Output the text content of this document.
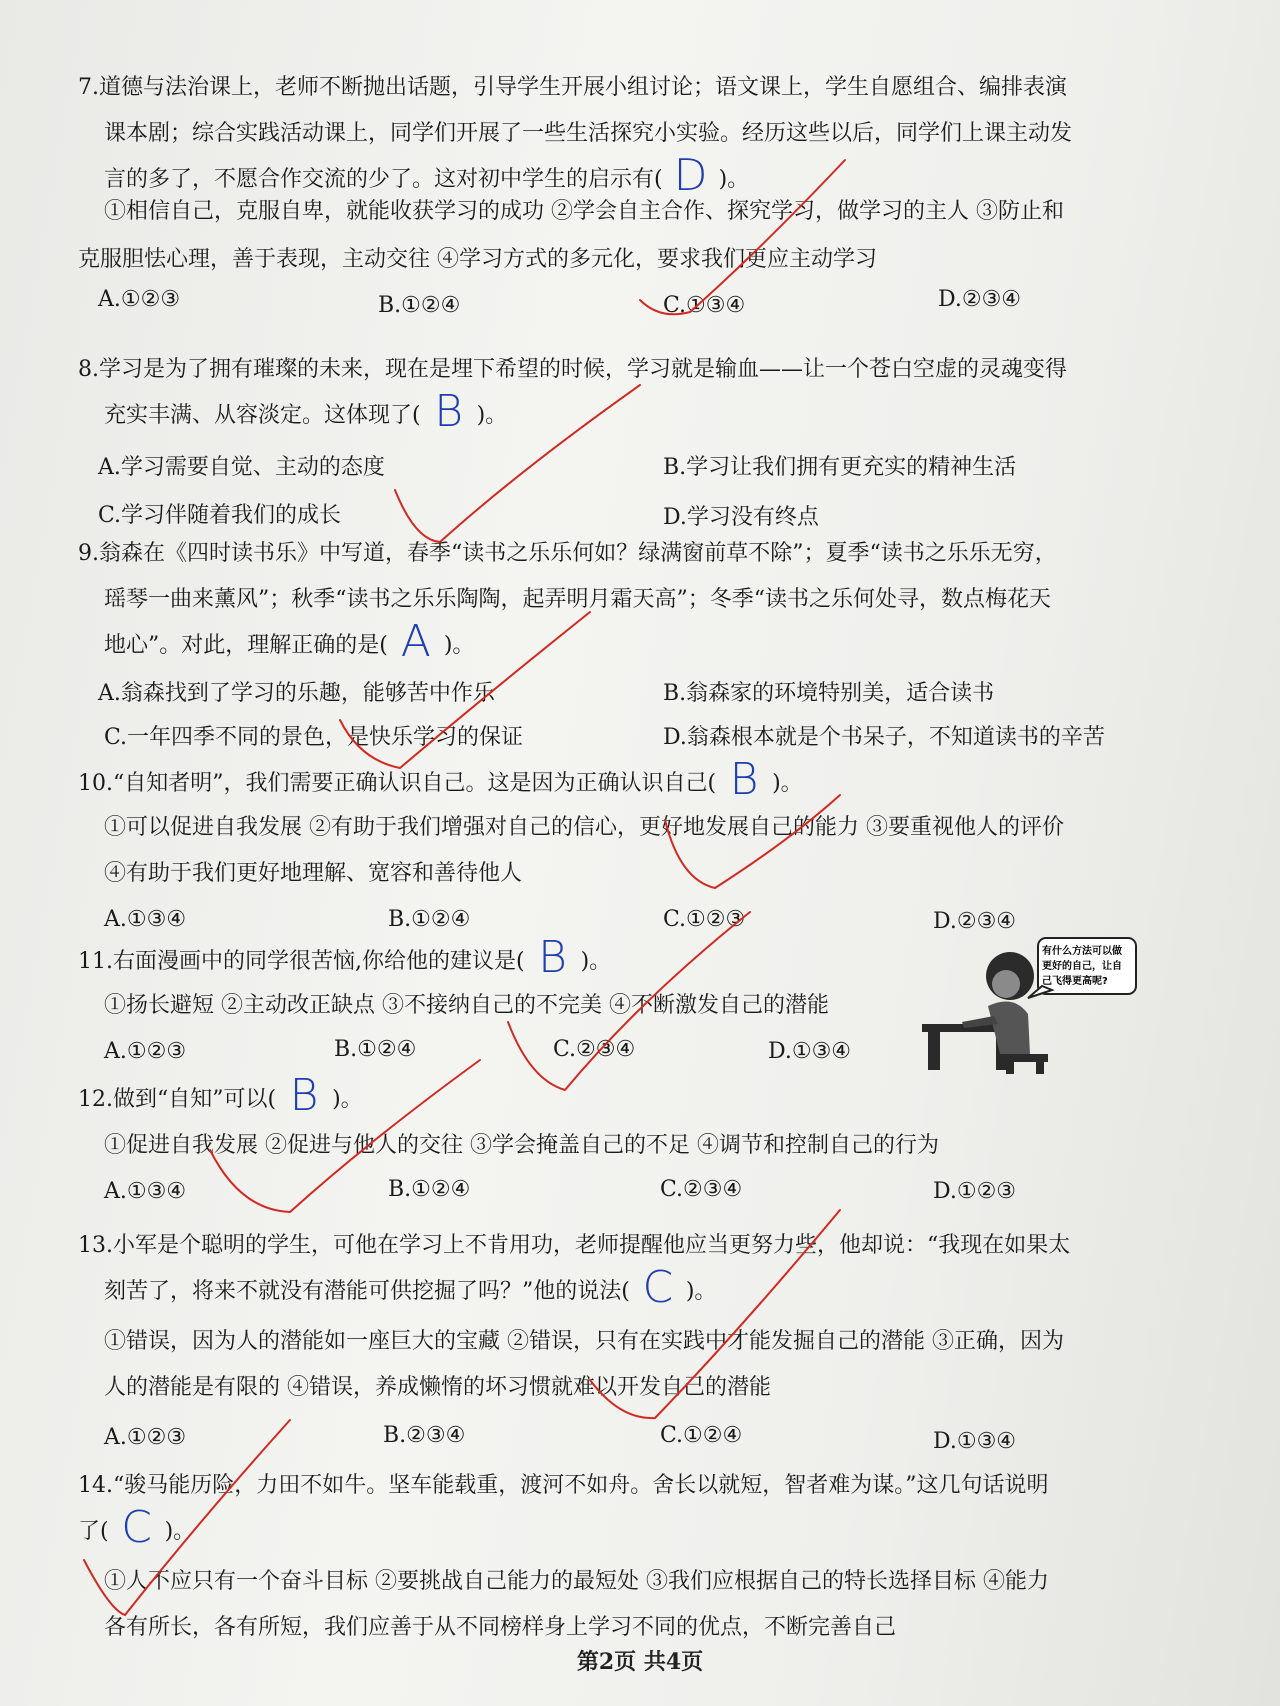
7.道德与法治课上，老师不断抛出话题，引导学生开展小组讨论；语文课上，学生自愿组合、编排表演
课本剧；综合实践活动课上，同学们开展了一些生活探究小实验。经历这些以后，同学们上课主动发
言的多了，不愿合作交流的少了。这对初中学生的启示有( D )。
①相信自己，克服自卑，就能收获学习的成功 ②学会自主合作、探究学习，做学习的主人 ③防止和
克服胆怯心理，善于表现，主动交往 ④学习方式的多元化，要求我们更应主动学习
A.①②③	B.①②④	C.①③④	D.②③④
8.学习是为了拥有璀璨的未来，现在是埋下希望的时候，学习就是输血——让一个苍白空虚的灵魂变得
充实丰满、从容淡定。这体现了( B )。
A.学习需要自觉、主动的态度	B.学习让我们拥有更充实的精神生活
C.学习伴随着我们的成长	D.学习没有终点
9.翁森在《四时读书乐》中写道，春季“读书之乐乐何如？绿满窗前草不除”；夏季“读书之乐乐无穷，
瑶琴一曲来薰风”；秋季“读书之乐乐陶陶，起弄明月霜天高”；冬季“读书之乐何处寻，数点梅花天
地心”。对此，理解正确的是( A )。
A.翁森找到了学习的乐趣，能够苦中作乐	B.翁森家的环境特别美，适合读书
C.一年四季不同的景色，是快乐学习的保证	D.翁森根本就是个书呆子，不知道读书的辛苦
10.“自知者明”，我们需要正确认识自己。这是因为正确认识自己( B )。
①可以促进自我发展 ②有助于我们增强对自己的信心，更好地发展自己的能力 ③要重视他人的评价
④有助于我们更好地理解、宽容和善待他人
A.①③④	B.①②④	C.①②③	D.②③④
11.右面漫画中的同学很苦恼,你给他的建议是( B )。
①扬长避短 ②主动改正缺点 ③不接纳自己的不完美 ④不断激发自己的潜能
A.①②③	B.①②④	C.②③④	D.①③④
12.做到“自知”可以( B )。
①促进自我发展 ②促进与他人的交往 ③学会掩盖自己的不足 ④调节和控制自己的行为
A.①③④	B.①②④	C.②③④	D.①②③
13.小军是个聪明的学生，可他在学习上不肯用功，老师提醒他应当更努力些，他却说：“我现在如果太
刻苦了，将来不就没有潜能可供挖掘了吗？”他的说法( C )。
①错误，因为人的潜能如一座巨大的宝藏 ②错误，只有在实践中才能发掘自己的潜能 ③正确，因为
人的潜能是有限的 ④错误，养成懒惰的坏习惯就难以开发自己的潜能
A.①②③	B.②③④	C.①②④	D.①③④
14.“骏马能历险，力田不如牛。坚车能载重，渡河不如舟。舍长以就短，智者难为谋。”这几句话说明
了( C )。
①人不应只有一个奋斗目标 ②要挑战自己能力的最短处 ③我们应根据自己的特长选择目标 ④能力
各有所长，各有所短，我们应善于从不同榜样身上学习不同的优点，不断完善自己
有什么方法可以做
更好的自己，让自
己飞得更高呢?
第2页 共4页
